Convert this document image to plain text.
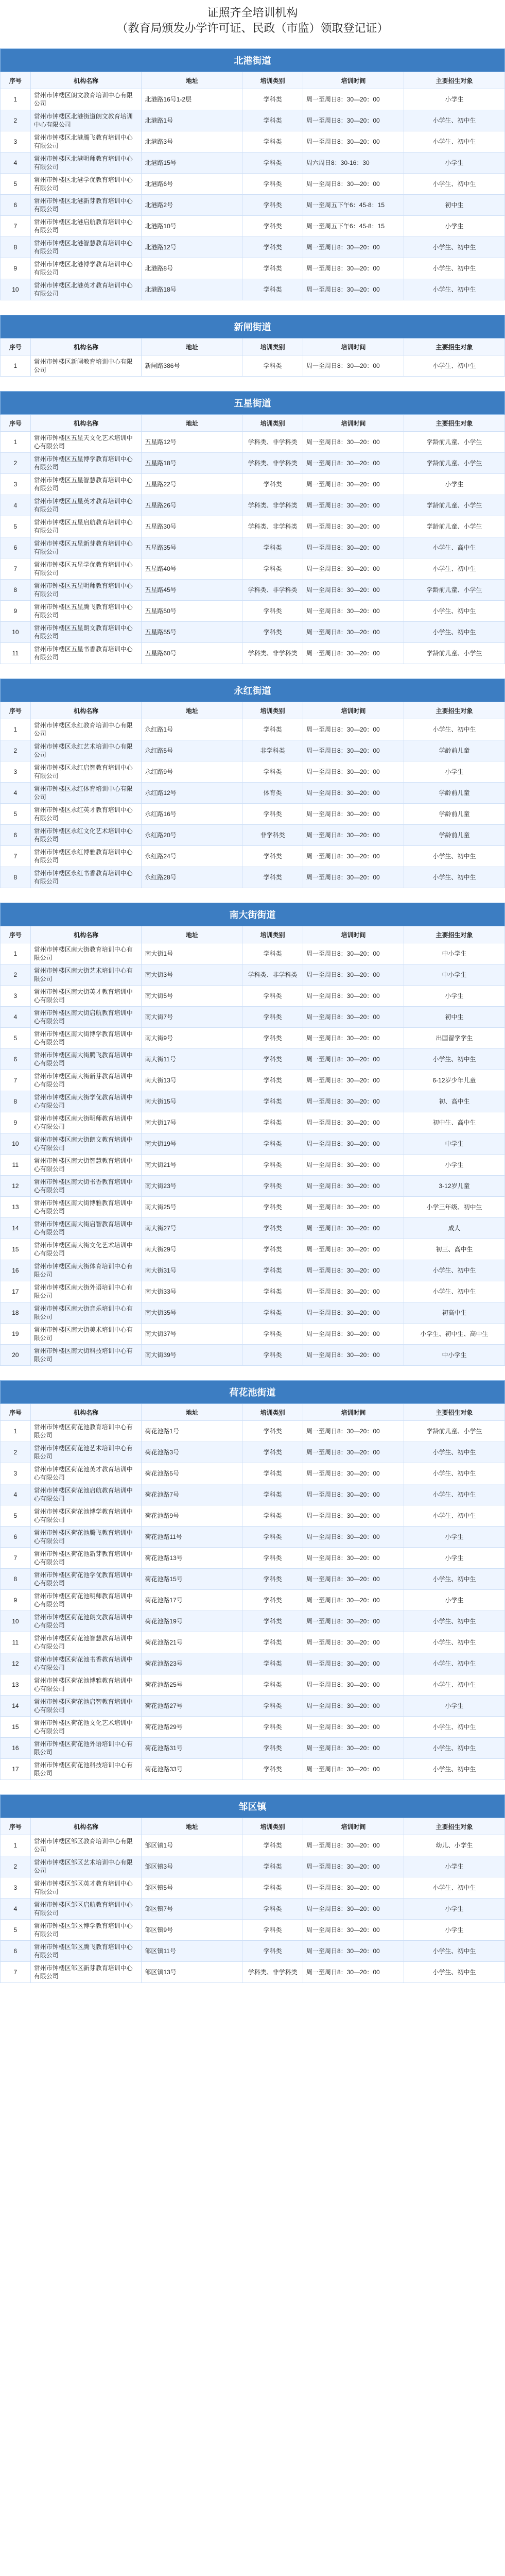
证照齐全培训机构
（教育局颁发办学许可证、民政（市监）领取登记证）
北港街道					
序号	机构名称	地址	培训类别	培训时间	主要招生对象
1	常州市钟楼区朗文教育培训中心有限公司	北港路16号1-2层	学科类	周一至周日8：30—20：00	小学生
2	常州市钟楼区北港街道朗文教育培训中心有限公司	北港路1号	学科类	周一至周日8：30—20：00	小学生、初中生
3	常州市钟楼区北港腾飞教育培训中心有限公司	北港路3号	学科类	周一至周日8：30—20：00	小学生、初中生
4	常州市钟楼区北港明师教育培训中心有限公司	北港路15号	学科类	周六周日8：30-16：30	小学生
5	常州市钟楼区北港学优教育培训中心有限公司	北港路6号	学科类	周一至周日8：30—20：00	小学生、初中生
6	常州市钟楼区北港新芽教育培训中心有限公司	北港路2号	学科类	周一至周五下午6：45-8：15	初中生
7	常州市钟楼区北港启航教育培训中心有限公司	北港路10号	学科类	周一至周五下午6：45-8：15	小学生
8	常州市钟楼区北港智慧教育培训中心有限公司	北港路12号	学科类	周一至周日8：30—20：00	小学生、初中生
9	常州市钟楼区北港博学教育培训中心有限公司	北港路8号	学科类	周一至周日8：30—20：00	小学生、初中生
10	常州市钟楼区北港英才教育培训中心有限公司	北港路18号	学科类	周一至周日8：30—20：00	小学生、初中生
新闸街道					
序号	机构名称	地址	培训类别	培训时间	主要招生对象
1	常州市钟楼区新闸教育培训中心有限公司	新闸路386号	学科类	周一至周日8：30—20：00	小学生、初中生
五星街道					
序号	机构名称	地址	培训类别	培训时间	主要招生对象
1	常州市钟楼区五星天文化艺术培训中心有限公司	五星路12号	学科类、非学科类	周一至周日8：30—20：00	学龄前儿童、小学生
2	常州市钟楼区五星博学教育培训中心有限公司	五星路18号	学科类、非学科类	周一至周日8：30—20：00	学龄前儿童、小学生
3	常州市钟楼区五星智慧教育培训中心有限公司	五星路22号	学科类	周一至周日8：30—20：00	小学生
4	常州市钟楼区五星英才教育培训中心有限公司	五星路26号	学科类、非学科类	周一至周日8：30—20：00	学龄前儿童、小学生
5	常州市钟楼区五星启航教育培训中心有限公司	五星路30号	学科类、非学科类	周一至周日8：30—20：00	学龄前儿童、小学生
6	常州市钟楼区五星新芽教育培训中心有限公司	五星路35号	学科类	周一至周日8：30—20：00	小学生、高中生
7	常州市钟楼区五星学优教育培训中心有限公司	五星路40号	学科类	周一至周日8：30—20：00	小学生、初中生
8	常州市钟楼区五星明师教育培训中心有限公司	五星路45号	学科类、非学科类	周一至周日8：30—20：00	学龄前儿童、小学生
9	常州市钟楼区五星腾飞教育培训中心有限公司	五星路50号	学科类	周一至周日8：30—20：00	小学生、初中生
10	常州市钟楼区五星朗文教育培训中心有限公司	五星路55号	学科类	周一至周日8：30—20：00	小学生、初中生
11	常州市钟楼区五星书香教育培训中心有限公司	五星路60号	学科类、非学科类	周一至周日8：30—20：00	学龄前儿童、小学生
永红街道					
序号	机构名称	地址	培训类别	培训时间	主要招生对象
1	常州市钟楼区永红教育培训中心有限公司	永红路1号	学科类	周一至周日8：30—20：00	小学生、初中生
2	常州市钟楼区永红艺术培训中心有限公司	永红路5号	非学科类	周一至周日8：30—20：00	学龄前儿童
3	常州市钟楼区永红启智教育培训中心有限公司	永红路9号	学科类	周一至周日8：30—20：00	小学生
4	常州市钟楼区永红体育培训中心有限公司	永红路12号	体育类	周一至周日8：30—20：00	学龄前儿童
5	常州市钟楼区永红英才教育培训中心有限公司	永红路16号	学科类	周一至周日8：30—20：00	学龄前儿童
6	常州市钟楼区永红文化艺术培训中心有限公司	永红路20号	非学科类	周一至周日8：30—20：00	学龄前儿童
7	常州市钟楼区永红博雅教育培训中心有限公司	永红路24号	学科类	周一至周日8：30—20：00	小学生、初中生
8	常州市钟楼区永红书香教育培训中心有限公司	永红路28号	学科类	周一至周日8：30—20：00	小学生、初中生
南大街街道					
序号	机构名称	地址	培训类别	培训时间	主要招生对象
1	常州市钟楼区南大街教育培训中心有限公司	南大街1号	学科类	周一至周日8：30—20：00	中小学生
2	常州市钟楼区南大街艺术培训中心有限公司	南大街3号	学科类、非学科类	周一至周日8：30—20：00	中小学生
3	常州市钟楼区南大街英才教育培训中心有限公司	南大街5号	学科类	周一至周日8：30—20：00	小学生
4	常州市钟楼区南大街启航教育培训中心有限公司	南大街7号	学科类	周一至周日8：30—20：00	初中生
5	常州市钟楼区南大街博学教育培训中心有限公司	南大街9号	学科类	周一至周日8：30—20：00	出国留学学生
6	常州市钟楼区南大街腾飞教育培训中心有限公司	南大街11号	学科类	周一至周日8：30—20：00	小学生、初中生
7	常州市钟楼区南大街新芽教育培训中心有限公司	南大街13号	学科类	周一至周日8：30—20：00	6-12岁少年儿童
8	常州市钟楼区南大街学优教育培训中心有限公司	南大街15号	学科类	周一至周日8：30—20：00	初、高中生
9	常州市钟楼区南大街明师教育培训中心有限公司	南大街17号	学科类	周一至周日8：30—20：00	初中生、高中生
10	常州市钟楼区南大街朗文教育培训中心有限公司	南大街19号	学科类	周一至周日8：30—20：00	中学生
11	常州市钟楼区南大街智慧教育培训中心有限公司	南大街21号	学科类	周一至周日8：30—20：00	小学生
12	常州市钟楼区南大街书香教育培训中心有限公司	南大街23号	学科类	周一至周日8：30—20：00	3-12岁儿童
13	常州市钟楼区南大街博雅教育培训中心有限公司	南大街25号	学科类	周一至周日8：30—20：00	小学三年级、初中生
14	常州市钟楼区南大街启智教育培训中心有限公司	南大街27号	学科类	周一至周日8：30—20：00	成人
15	常州市钟楼区南大街文化艺术培训中心有限公司	南大街29号	学科类	周一至周日8：30—20：00	初三、高中生
16	常州市钟楼区南大街体育培训中心有限公司	南大街31号	学科类	周一至周日8：30—20：00	小学生、初中生
17	常州市钟楼区南大街外语培训中心有限公司	南大街33号	学科类	周一至周日8：30—20：00	小学生、初中生
18	常州市钟楼区南大街音乐培训中心有限公司	南大街35号	学科类	周一至周日8：30—20：00	初高中生
19	常州市钟楼区南大街美术培训中心有限公司	南大街37号	学科类	周一至周日8：30—20：00	小学生、初中生、高中生
20	常州市钟楼区南大街科技培训中心有限公司	南大街39号	学科类	周一至周日8：30—20：00	中小学生
荷花池街道					
序号	机构名称	地址	培训类别	培训时间	主要招生对象
1	常州市钟楼区荷花池教育培训中心有限公司	荷花池路1号	学科类	周一至周日8：30—20：00	学龄前儿童、小学生
2	常州市钟楼区荷花池艺术培训中心有限公司	荷花池路3号	学科类	周一至周日8：30—20：00	小学生、初中生
3	常州市钟楼区荷花池英才教育培训中心有限公司	荷花池路5号	学科类	周一至周日8：30—20：00	小学生、初中生
4	常州市钟楼区荷花池启航教育培训中心有限公司	荷花池路7号	学科类	周一至周日8：30—20：00	小学生、初中生
5	常州市钟楼区荷花池博学教育培训中心有限公司	荷花池路9号	学科类	周一至周日8：30—20：00	小学生、初中生
6	常州市钟楼区荷花池腾飞教育培训中心有限公司	荷花池路11号	学科类	周一至周日8：30—20：00	小学生
7	常州市钟楼区荷花池新芽教育培训中心有限公司	荷花池路13号	学科类	周一至周日8：30—20：00	小学生
8	常州市钟楼区荷花池学优教育培训中心有限公司	荷花池路15号	学科类	周一至周日8：30—20：00	小学生、初中生
9	常州市钟楼区荷花池明师教育培训中心有限公司	荷花池路17号	学科类	周一至周日8：30—20：00	小学生
10	常州市钟楼区荷花池朗文教育培训中心有限公司	荷花池路19号	学科类	周一至周日8：30—20：00	小学生、初中生
11	常州市钟楼区荷花池智慧教育培训中心有限公司	荷花池路21号	学科类	周一至周日8：30—20：00	小学生、初中生
12	常州市钟楼区荷花池书香教育培训中心有限公司	荷花池路23号	学科类	周一至周日8：30—20：00	小学生、初中生
13	常州市钟楼区荷花池博雅教育培训中心有限公司	荷花池路25号	学科类	周一至周日8：30—20：00	小学生、初中生
14	常州市钟楼区荷花池启智教育培训中心有限公司	荷花池路27号	学科类	周一至周日8：30—20：00	小学生
15	常州市钟楼区荷花池文化艺术培训中心有限公司	荷花池路29号	学科类	周一至周日8：30—20：00	小学生、初中生
16	常州市钟楼区荷花池外语培训中心有限公司	荷花池路31号	学科类	周一至周日8：30—20：00	小学生、初中生
17	常州市钟楼区荷花池科技培训中心有限公司	荷花池路33号	学科类	周一至周日8：30—20：00	小学生、初中生
邹区镇					
序号	机构名称	地址	培训类别	培训时间	主要招生对象
1	常州市钟楼区邹区教育培训中心有限公司	邹区镇1号	学科类	周一至周日8：30—20：00	幼儿、小学生
2	常州市钟楼区邹区艺术培训中心有限公司	邹区镇3号	学科类	周一至周日8：30—20：00	小学生
3	常州市钟楼区邹区英才教育培训中心有限公司	邹区镇5号	学科类	周一至周日8：30—20：00	小学生、初中生
4	常州市钟楼区邹区启航教育培训中心有限公司	邹区镇7号	学科类	周一至周日8：30—20：00	小学生
5	常州市钟楼区邹区博学教育培训中心有限公司	邹区镇9号	学科类	周一至周日8：30—20：00	小学生
6	常州市钟楼区邹区腾飞教育培训中心有限公司	邹区镇11号	学科类	周一至周日8：30—20：00	小学生、初中生
7	常州市钟楼区邹区新芽教育培训中心有限公司	邹区镇13号	学科类、非学科类	周一至周日8：30—20：00	小学生、初中生
